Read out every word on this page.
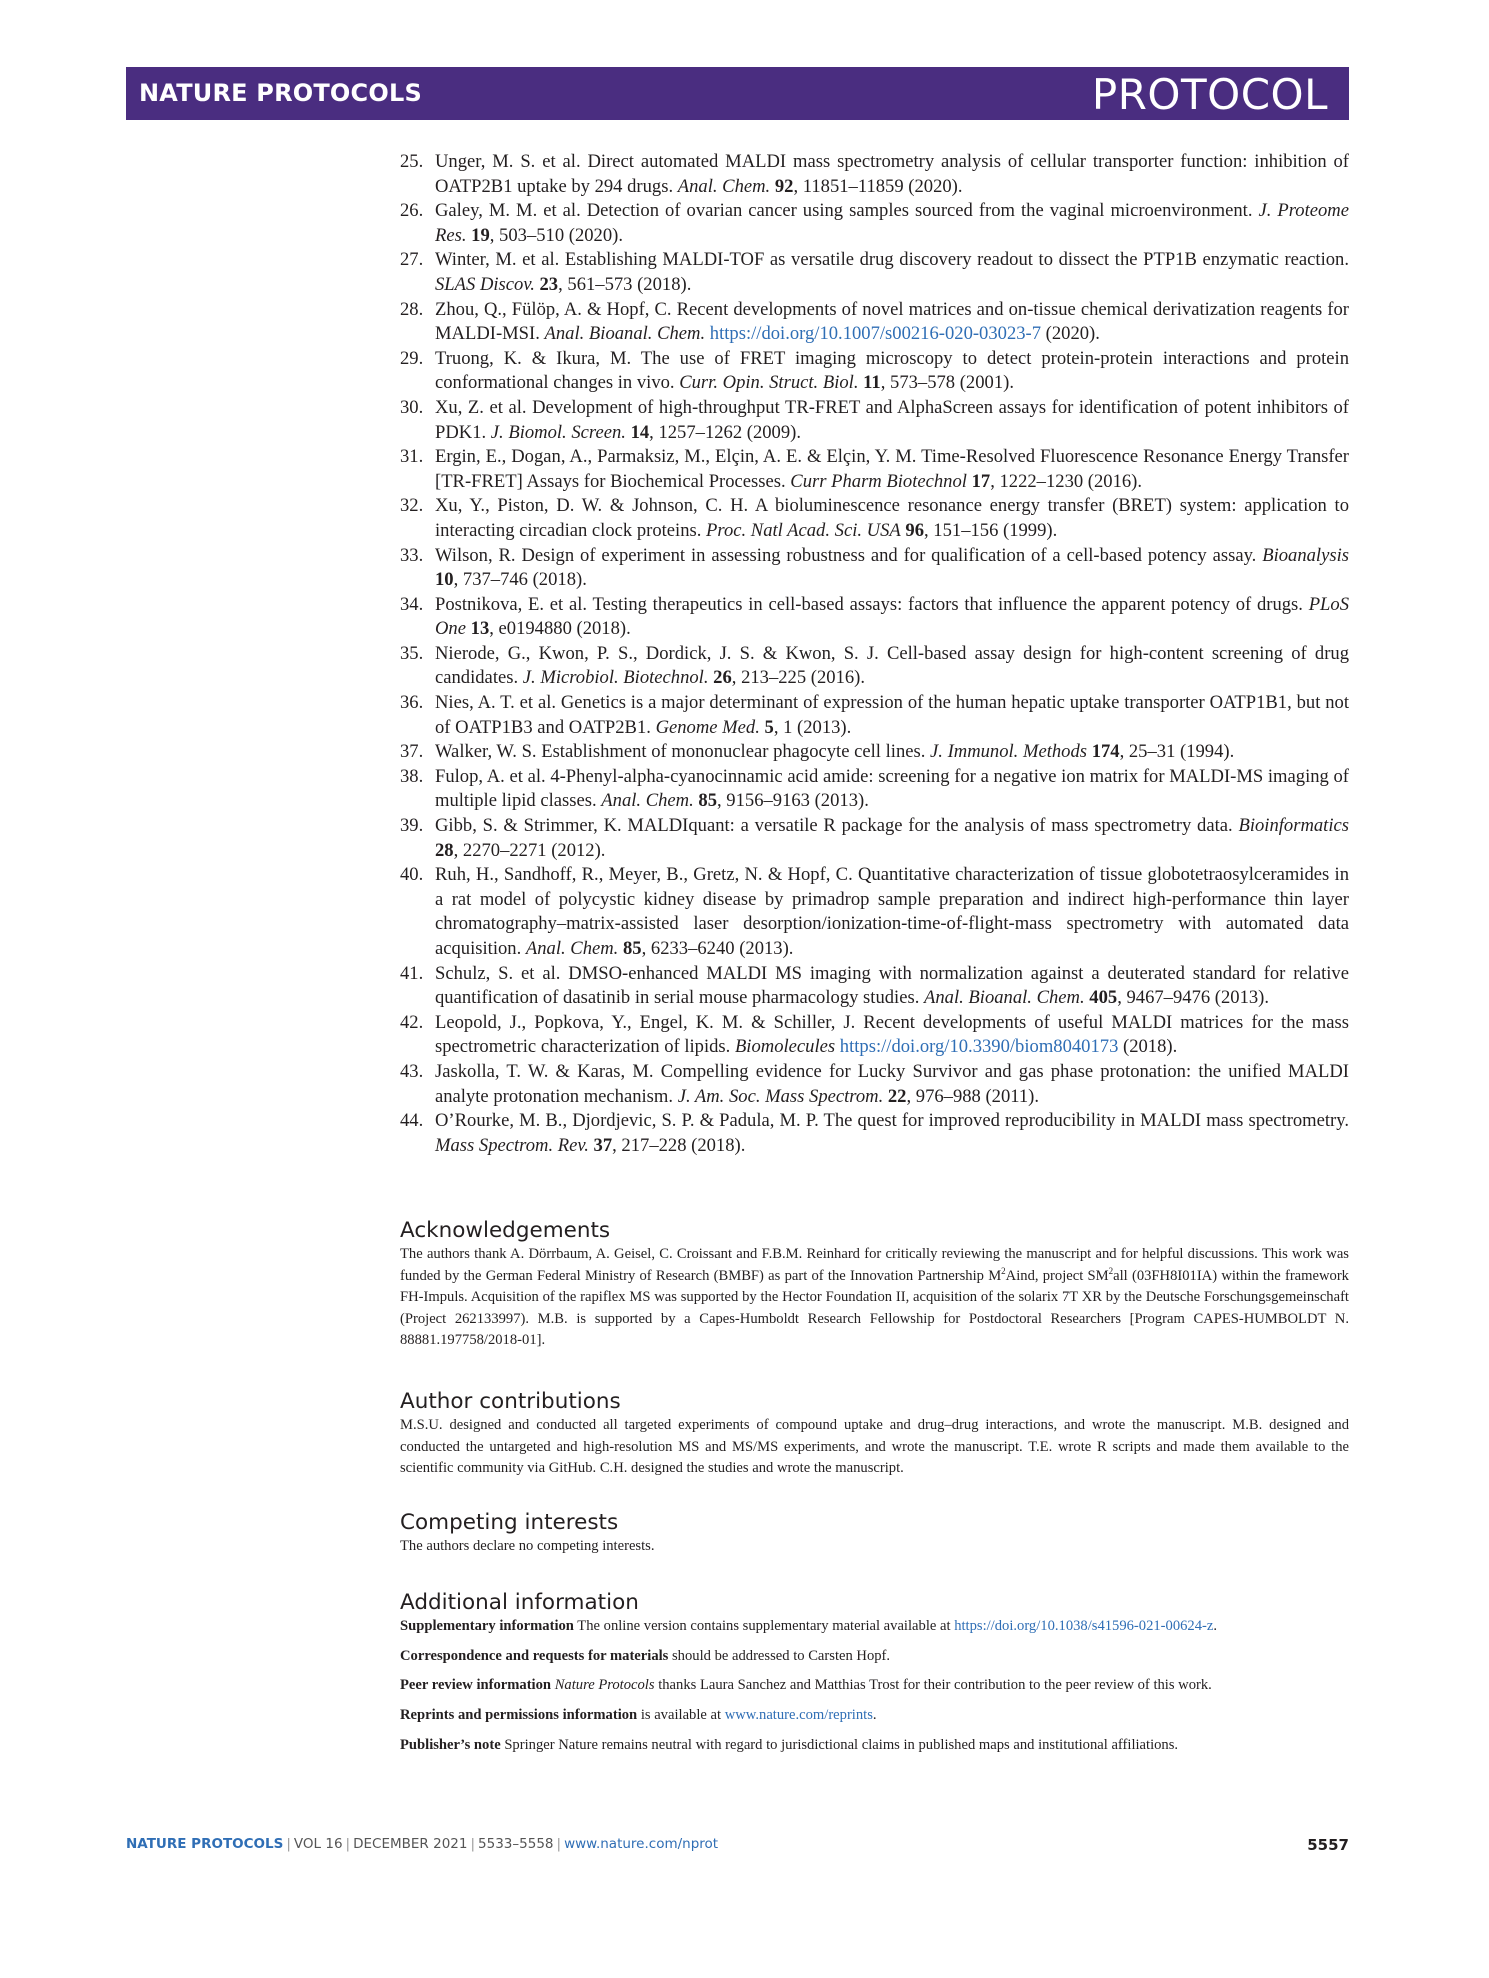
NATURE PROTOCOLS	PROTOCOL
25. Unger, M. S. et al. Direct automated MALDI mass spectrometry analysis of cellular transporter function: inhibition of OATP2B1 uptake by 294 drugs. Anal. Chem. 92, 11851–11859 (2020).
26. Galey, M. M. et al. Detection of ovarian cancer using samples sourced from the vaginal microenvironment. J. Proteome Res. 19, 503–510 (2020).
27. Winter, M. et al. Establishing MALDI-TOF as versatile drug discovery readout to dissect the PTP1B enzymatic reaction. SLAS Discov. 23, 561–573 (2018).
28. Zhou, Q., Fülöp, A. & Hopf, C. Recent developments of novel matrices and on-tissue chemical derivatization reagents for MALDI-MSI. Anal. Bioanal. Chem. https://doi.org/10.1007/s00216-020-03023-7 (2020).
29. Truong, K. & Ikura, M. The use of FRET imaging microscopy to detect protein-protein interactions and protein conformational changes in vivo. Curr. Opin. Struct. Biol. 11, 573–578 (2001).
30. Xu, Z. et al. Development of high-throughput TR-FRET and AlphaScreen assays for identification of potent inhibitors of PDK1. J. Biomol. Screen. 14, 1257–1262 (2009).
31. Ergin, E., Dogan, A., Parmaksiz, M., Elçin, A. E. & Elçin, Y. M. Time-Resolved Fluorescence Resonance Energy Transfer [TR-FRET] Assays for Biochemical Processes. Curr Pharm Biotechnol 17, 1222–1230 (2016).
32. Xu, Y., Piston, D. W. & Johnson, C. H. A bioluminescence resonance energy transfer (BRET) system: application to interacting circadian clock proteins. Proc. Natl Acad. Sci. USA 96, 151–156 (1999).
33. Wilson, R. Design of experiment in assessing robustness and for qualification of a cell-based potency assay. Bioanalysis 10, 737–746 (2018).
34. Postnikova, E. et al. Testing therapeutics in cell-based assays: factors that influence the apparent potency of drugs. PLoS One 13, e0194880 (2018).
35. Nierode, G., Kwon, P. S., Dordick, J. S. & Kwon, S. J. Cell-based assay design for high-content screening of drug candidates. J. Microbiol. Biotechnol. 26, 213–225 (2016).
36. Nies, A. T. et al. Genetics is a major determinant of expression of the human hepatic uptake transporter OATP1B1, but not of OATP1B3 and OATP2B1. Genome Med. 5, 1 (2013).
37. Walker, W. S. Establishment of mononuclear phagocyte cell lines. J. Immunol. Methods 174, 25–31 (1994).
38. Fulop, A. et al. 4-Phenyl-alpha-cyanocinnamic acid amide: screening for a negative ion matrix for MALDI-MS imaging of multiple lipid classes. Anal. Chem. 85, 9156–9163 (2013).
39. Gibb, S. & Strimmer, K. MALDIquant: a versatile R package for the analysis of mass spectrometry data. Bioinformatics 28, 2270–2271 (2012).
40. Ruh, H., Sandhoff, R., Meyer, B., Gretz, N. & Hopf, C. Quantitative characterization of tissue globotetraosylceramides in a rat model of polycystic kidney disease by primadrop sample preparation and indirect high-performance thin layer chromatography–matrix-assisted laser desorption/ionization-time-of-flight-mass spectrometry with automated data acquisition. Anal. Chem. 85, 6233–6240 (2013).
41. Schulz, S. et al. DMSO-enhanced MALDI MS imaging with normalization against a deuterated standard for relative quantification of dasatinib in serial mouse pharmacology studies. Anal. Bioanal. Chem. 405, 9467–9476 (2013).
42. Leopold, J., Popkova, Y., Engel, K. M. & Schiller, J. Recent developments of useful MALDI matrices for the mass spectrometric characterization of lipids. Biomolecules https://doi.org/10.3390/biom8040173 (2018).
43. Jaskolla, T. W. & Karas, M. Compelling evidence for Lucky Survivor and gas phase protonation: the unified MALDI analyte protonation mechanism. J. Am. Soc. Mass Spectrom. 22, 976–988 (2011).
44. O’Rourke, M. B., Djordjevic, S. P. & Padula, M. P. The quest for improved reproducibility in MALDI mass spectrometry. Mass Spectrom. Rev. 37, 217–228 (2018).
Acknowledgements

The authors thank A. Dörrbaum, A. Geisel, C. Croissant and F.B.M. Reinhard for critically reviewing the manuscript and for helpful discussions. This work was funded by the German Federal Ministry of Research (BMBF) as part of the Innovation Partnership $M^2Aind$, project $SM^2all$ (03FH8I01IA) within the framework FH-Impuls. Acquisition of the rapiflex MS was supported by the Hector Foundation II, acquisition of the solarix 7T XR by the Deutsche Forschungsgemeinschaft (Project 262133997). M.B. is supported by a Capes-Humboldt Research Fellowship for Postdoctoral Researchers [Program CAPES-HUMBOLDT N. 88881.197758/2018-01].

Author contributions

M.S.U. designed and conducted all targeted experiments of compound uptake and drug–drug interactions, and wrote the manuscript. M.B. designed and conducted the untargeted and high-resolution MS and MS/MS experiments, and wrote the manuscript. T.E. wrote R scripts and made them available to the scientific community via GitHub. C.H. designed the studies and wrote the manuscript.

Competing interests

The authors declare no competing interests.

Additional information

Supplementary information The online version contains supplementary material available at https://doi.org/10.1038/s41596-021-00624-z.

Correspondence and requests for materials should be addressed to Carsten Hopf.

Peer review information Nature Protocols thanks Laura Sanchez and Matthias Trost for their contribution to the peer review of this work.

Reprints and permissions information is available at www.nature.com/reprints.

Publisher’s note Springer Nature remains neutral with regard to jurisdictional claims in published maps and institutional affiliations.

NATURE PROTOCOLS | VOL 16 | DECEMBER 2021 | 5533–5558 | www.nature.com/nprot	5557
